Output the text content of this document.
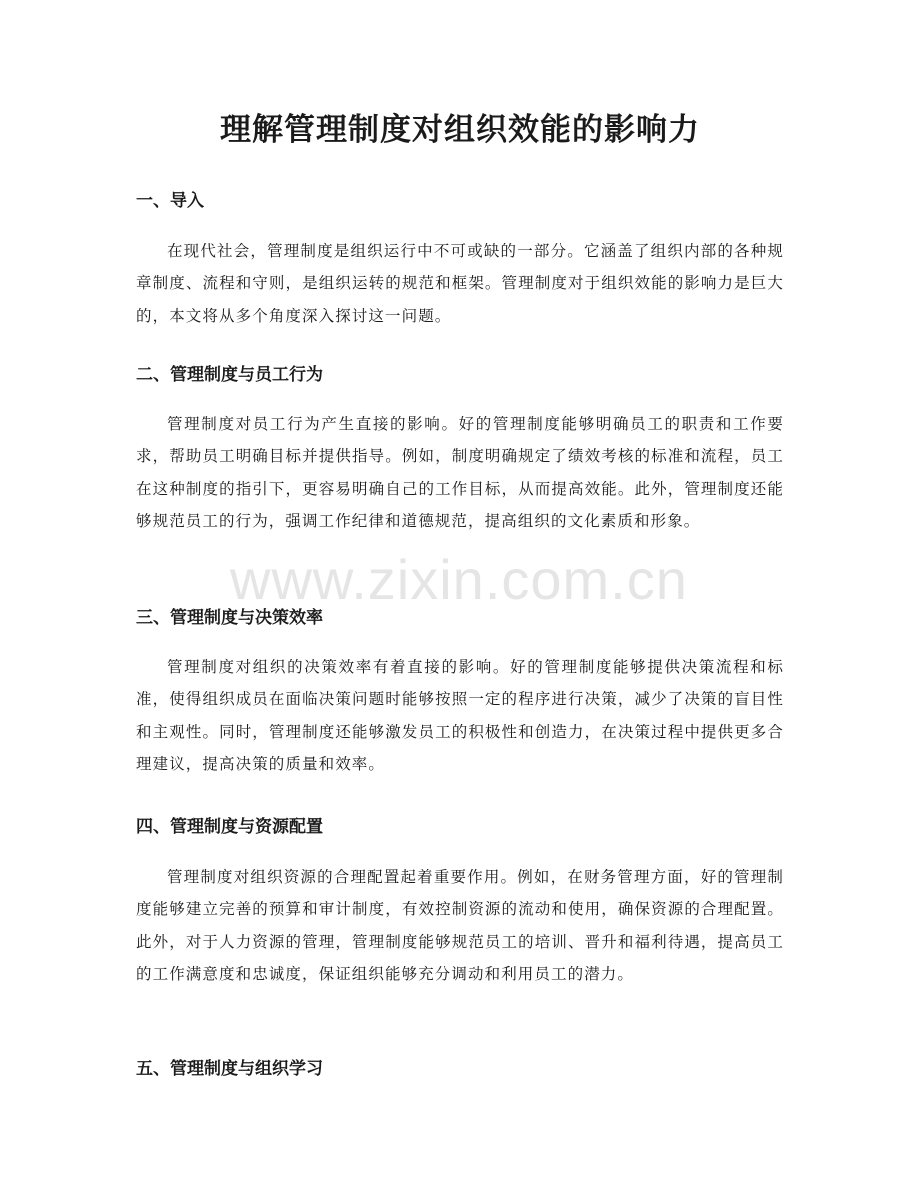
理解管理制度对组织效能的影响力
一、导入
在现代社会，管理制度是组织运行中不可或缺的一部分。它涵盖了组织内部的各种规章制度、流程和守则，是组织运转的规范和框架。管理制度对于组织效能的影响力是巨大的，本文将从多个角度深入探讨这一问题。
二、管理制度与员工行为
管理制度对员工行为产生直接的影响。好的管理制度能够明确员工的职责和工作要求，帮助员工明确目标并提供指导。例如，制度明确规定了绩效考核的标准和流程，员工在这种制度的指引下，更容易明确自己的工作目标，从而提高效能。此外，管理制度还能够规范员工的行为，强调工作纪律和道德规范，提高组织的文化素质和形象。
三、管理制度与决策效率
管理制度对组织的决策效率有着直接的影响。好的管理制度能够提供决策流程和标准，使得组织成员在面临决策问题时能够按照一定的程序进行决策，减少了决策的盲目性和主观性。同时，管理制度还能够激发员工的积极性和创造力，在决策过程中提供更多合理建议，提高决策的质量和效率。
四、管理制度与资源配置
管理制度对组织资源的合理配置起着重要作用。例如，在财务管理方面，好的管理制度能够建立完善的预算和审计制度，有效控制资源的流动和使用，确保资源的合理配置。此外，对于人力资源的管理，管理制度能够规范员工的培训、晋升和福利待遇，提高员工的工作满意度和忠诚度，保证组织能够充分调动和利用员工的潜力。
五、管理制度与组织学习
www.zixin.com.cn
